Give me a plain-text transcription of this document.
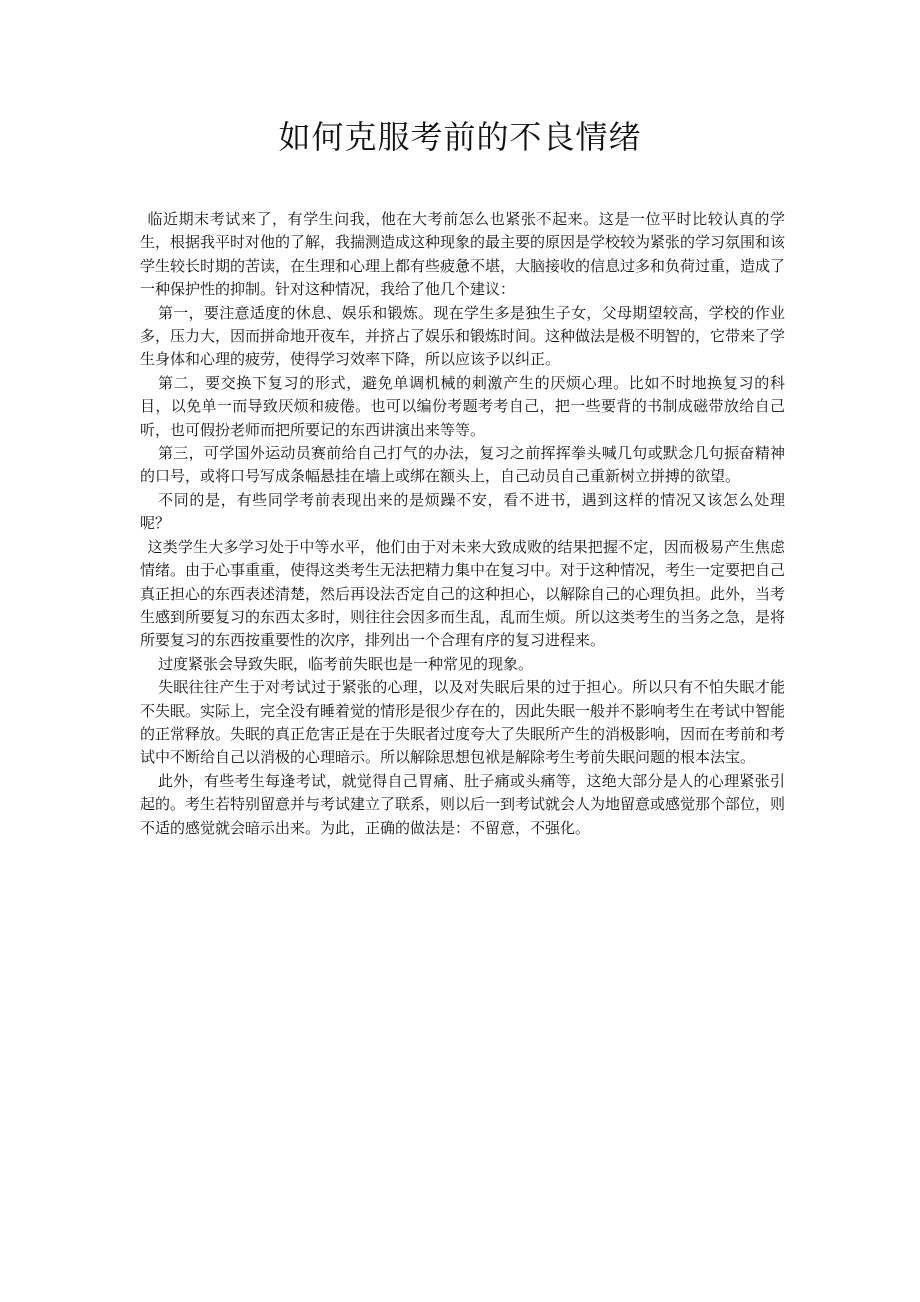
如何克服考前的不良情绪

临近期末考试来了，有学生问我，他在大考前怎么也紧张不起来。这是一位平时比较认真的学生，根据我平时对他的了解，我揣测造成这种现象的最主要的原因是学校较为紧张的学习氛围和该学生较长时期的苦读，在生理和心理上都有些疲惫不堪，大脑接收的信息过多和负荷过重，造成了一种保护性的抑制。针对这种情况，我给了他几个建议：

第一，要注意适度的休息、娱乐和锻炼。现在学生多是独生子女，父母期望较高，学校的作业多，压力大，因而拼命地开夜车，并挤占了娱乐和锻炼时间。这种做法是极不明智的，它带来了学生身体和心理的疲劳，使得学习效率下降，所以应该予以纠正。

第二，要交换下复习的形式，避免单调机械的刺激产生的厌烦心理。比如不时地换复习的科目，以免单一而导致厌烦和疲倦。也可以编份考题考考自己，把一些要背的书制成磁带放给自己听，也可假扮老师而把所要记的东西讲演出来等等。

第三，可学国外运动员赛前给自己打气的办法，复习之前挥挥拳头喊几句或默念几句振奋精神的口号，或将口号写成条幅悬挂在墙上或绑在额头上，自己动员自己重新树立拼搏的欲望。

不同的是，有些同学考前表现出来的是烦躁不安，看不进书，遇到这样的情况又该怎么处理呢？

这类学生大多学习处于中等水平，他们由于对未来大致成败的结果把握不定，因而极易产生焦虑情绪。由于心事重重，使得这类考生无法把精力集中在复习中。对于这种情况，考生一定要把自己真正担心的东西表述清楚，然后再设法否定自己的这种担心，以解除自己的心理负担。此外，当考生感到所要复习的东西太多时，则往往会因多而生乱，乱而生烦。所以这类考生的当务之急，是将所要复习的东西按重要性的次序，排列出一个合理有序的复习进程来。

过度紧张会导致失眠，临考前失眠也是一种常见的现象。

失眠往往产生于对考试过于紧张的心理，以及对失眠后果的过于担心。所以只有不怕失眠才能不失眠。实际上，完全没有睡着觉的情形是很少存在的，因此失眠一般并不影响考生在考试中智能的正常释放。失眠的真正危害正是在于失眠者过度夸大了失眠所产生的消极影响，因而在考前和考试中不断给自己以消极的心理暗示。所以解除思想包袱是解除考生考前失眠问题的根本法宝。

此外，有些考生每逢考试，就觉得自己胃痛、肚子痛或头痛等，这绝大部分是人的心理紧张引起的。考生若特别留意并与考试建立了联系，则以后一到考试就会人为地留意或感觉那个部位，则不适的感觉就会暗示出来。为此，正确的做法是：不留意，不强化。
